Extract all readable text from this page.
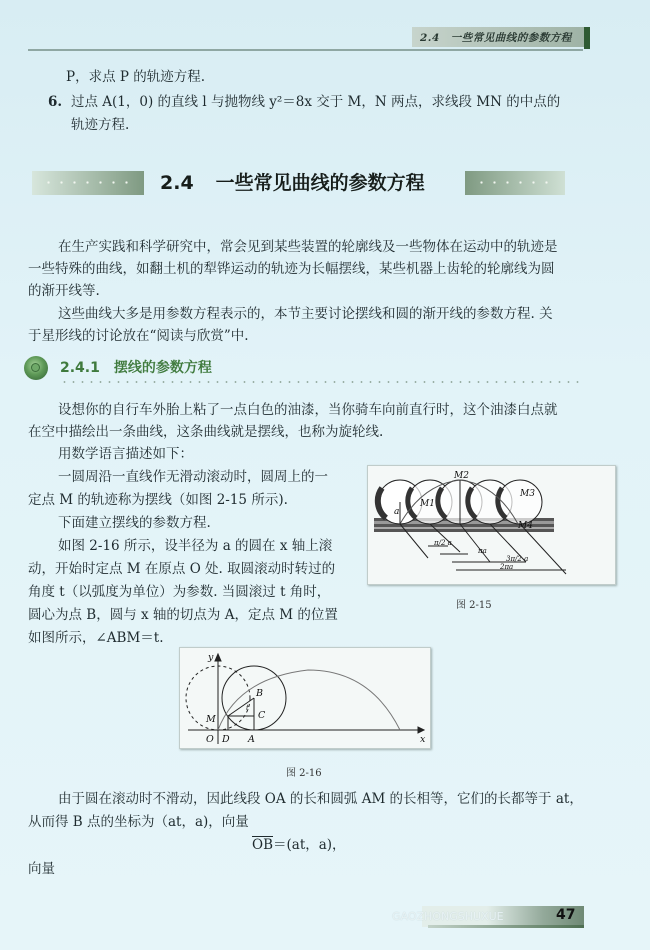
2.4　一些常见曲线的参数方程
P，求点 P 的轨迹方程.
6. 过点 A(1，0) 的直线 l 与抛物线 y²＝8x 交于 M，N 两点，求线段 MN 的中点的
轨迹方程.
2.4 一些常见曲线的参数方程
在生产实践和科学研究中，常会见到某些装置的轮廓线及一些物体在运动中的轨迹是
一些特殊的曲线，如翻土机的犁铧运动的轨迹为长幅摆线，某些机器上齿轮的轮廓线为圆
的渐开线等.
这些曲线大多是用参数方程表示的，本节主要讨论摆线和圆的渐开线的参数方程. 关
于星形线的讨论放在“阅读与欣赏”中.
2.4.1 摆线的参数方程
设想你的自行车外胎上粘了一点白色的油漆，当你骑车向前直行时，这个油漆白点就
在空中描绘出一条曲线，这条曲线就是摆线，也称为旋轮线.
用数学语言描述如下：
一圆周沿一直线作无滑动滚动时，圆周上的一
定点 M 的轨迹称为摆线（如图 2-15 所示).
下面建立摆线的参数方程.
如图 2-16 所示，设半径为 a 的圆在 x 轴上滚
动，开始时定点 M 在原点 O 处. 取圆滚动时转过的
角度 t（以弧度为单位）为参数. 当圆滚过 t 角时，
圆心为点 B，圆与 x 轴的切点为 A，定点 M 的位置
如图所示，∠ABM＝t.
M2
M1
M3
M4
a
π/2 a
πa
3π/2 a
2πa
图 2-15
y
x
O D A
M
B
C
t
图 2-16
由于圆在滚动时不滑动，因此线段 OA 的长和圆弧 AM 的长相等，它们的长都等于 at，
从而得 B 点的坐标为（at，a)，向量
$\overline{OB}=(at$，a)，
向量
GAOZHONGSHUXUE	47
